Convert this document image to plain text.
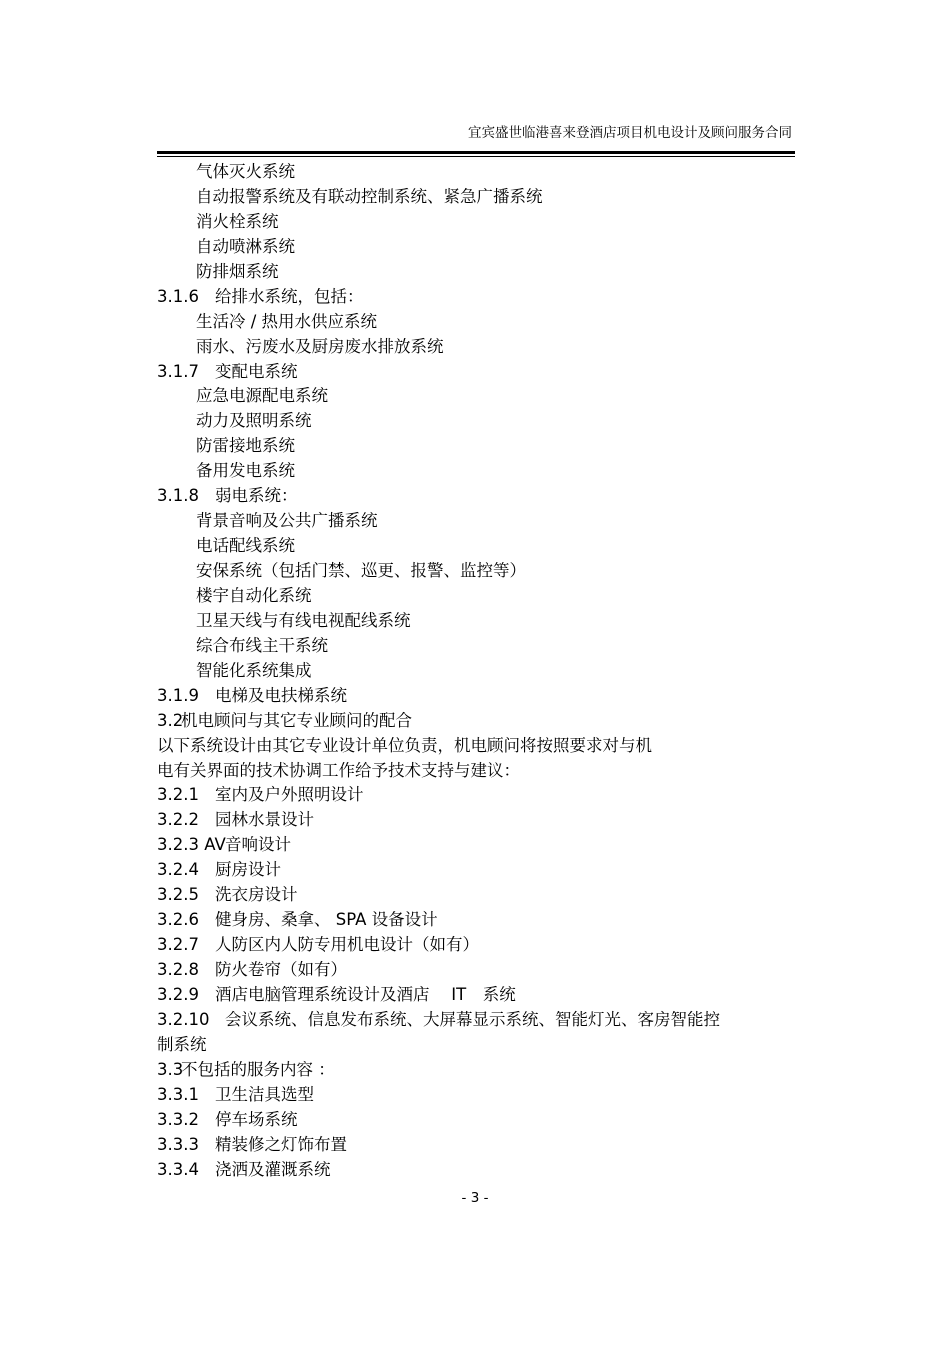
宜宾盛世临港喜来登酒店项目机电设计及顾问服务合同
气体灭火系统
自动报警系统及有联动控制系统、紧急广播系统
消火栓系统
自动喷淋系统
防排烟系统
3.1.6 给排水系统，包括：
生活冷 / 热用水供应系统
雨水、污废水及厨房废水排放系统
3.1.7 变配电系统
应急电源配电系统
动力及照明系统
防雷接地系统
备用发电系统
3.1.8 弱电系统：
背景音响及公共广播系统
电话配线系统
安保系统（包括门禁、巡更、报警、监控等）
楼宇自动化系统
卫星天线与有线电视配线系统
综合布线主干系统
智能化系统集成
3.1.9 电梯及电扶梯系统
3.2机电顾问与其它专业顾问的配合
以下系统设计由其它专业设计单位负责，机电顾问将按照要求对与机
电有关界面的技术协调工作给予技术支持与建议：
3.2.1 室内及户外照明设计
3.2.2 园林水景设计
3.2.3 AV音响设计
3.2.4 厨房设计
3.2.5 洗衣房设计
3.2.6 健身房、桑拿、 SPA 设备设计
3.2.7 人防区内人防专用机电设计（如有）
3.2.8 防火卷帘（如有）
3.2.9 酒店电脑管理系统设计及酒店　 IT　系统
3.2.10 会议系统、信息发布系统、大屏幕显示系统、智能灯光、客房智能控
制系统
3.3不包括的服务内容 ：
3.3.1 卫生洁具选型
3.3.2 停车场系统
3.3.3 精装修之灯饰布置
3.3.4 浇洒及灌溉系统
- 3 -
